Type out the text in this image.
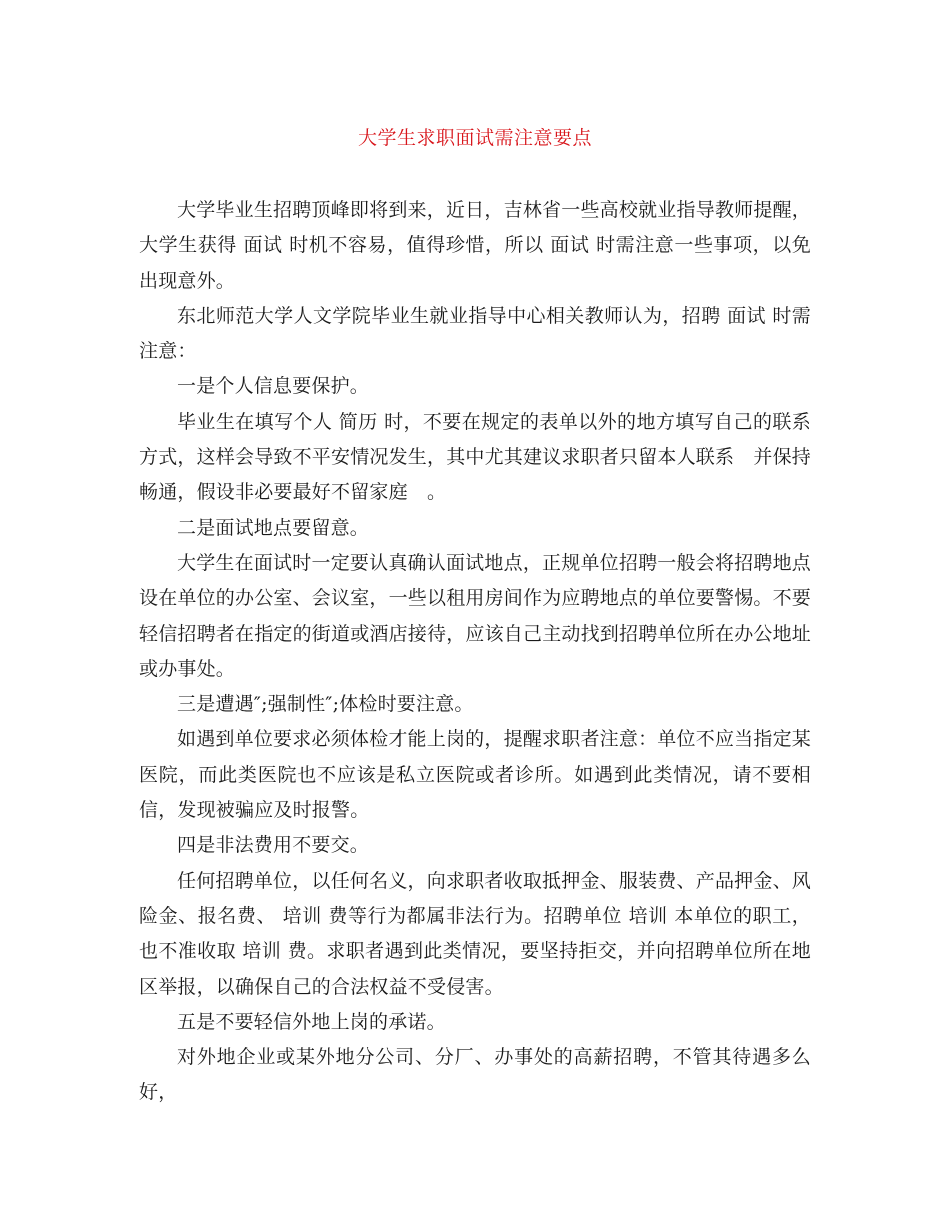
大学生求职面试需注意要点

大学毕业生招聘顶峰即将到来，近日，吉林省一些高校就业指导教师提醒，大学生获得 面试 时机不容易，值得珍惜，所以 面试 时需注意一些事项，以免出现意外。

东北师范大学人文学院毕业生就业指导中心相关教师认为，招聘 面试 时需注意：

一是个人信息要保护。

毕业生在填写个人 简历 时，不要在规定的表单以外的地方填写自己的联系方式，这样会导致不平安情况发生，其中尤其建议求职者只留本人联系　并保持畅通，假设非必要最好不留家庭　。

二是面试地点要留意。

大学生在面试时一定要认真确认面试地点，正规单位招聘一般会将招聘地点设在单位的办公室、会议室，一些以租用房间作为应聘地点的单位要警惕。不要轻信招聘者在指定的街道或酒店接待，应该自己主动找到招聘单位所在办公地址或办事处。

三是遭遇″;强制性″;体检时要注意。

如遇到单位要求必须体检才能上岗的，提醒求职者注意：单位不应当指定某医院，而此类医院也不应该是私立医院或者诊所。如遇到此类情况，请不要相信，发现被骗应及时报警。

四是非法费用不要交。

任何招聘单位，以任何名义，向求职者收取抵押金、服装费、产品押金、风险金、报名费、 培训 费等行为都属非法行为。招聘单位 培训 本单位的职工，也不准收取 培训 费。求职者遇到此类情况，要坚持拒交，并向招聘单位所在地区举报，以确保自己的合法权益不受侵害。

五是不要轻信外地上岗的承诺。

对外地企业或某外地分公司、分厂、办事处的高薪招聘，不管其待遇多么好，
